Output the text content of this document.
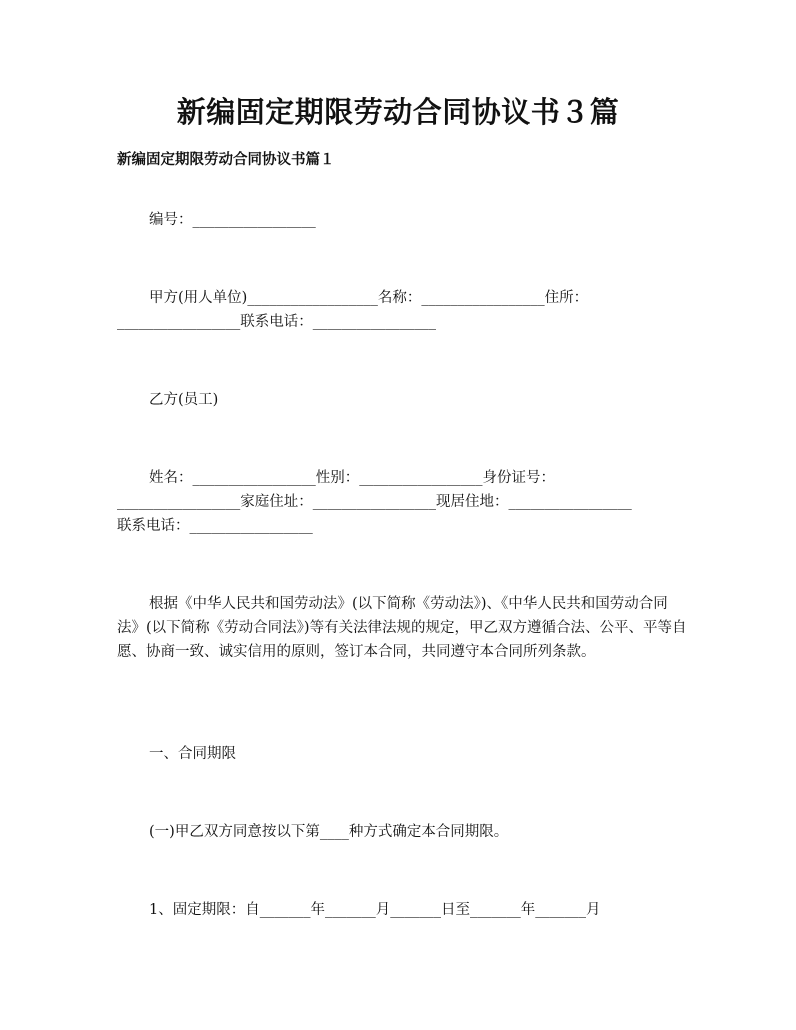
新编固定期限劳动合同协议书３篇
新编固定期限劳动合同协议书篇１
编号：_________________
甲方(用人单位)__________________名称：_________________住所：
_________________联系电话：_________________
乙方(员工)
姓名：_________________性别：_________________身份证号：
_________________家庭住址：_________________现居住地：_________________
联系电话：_________________
根据《中华人民共和国劳动法》(以下简称《劳动法》)、《中华人民共和国劳动合同法》(以下简称《劳动合同法》)等有关法律法规的规定，甲乙双方遵循合法、公平、平等自愿、协商一致、诚实信用的原则，签订本合同，共同遵守本合同所列条款。
一、合同期限
(一)甲乙双方同意按以下第____种方式确定本合同期限。
1、固定期限：自_______年_______月_______日至_______年_______月
